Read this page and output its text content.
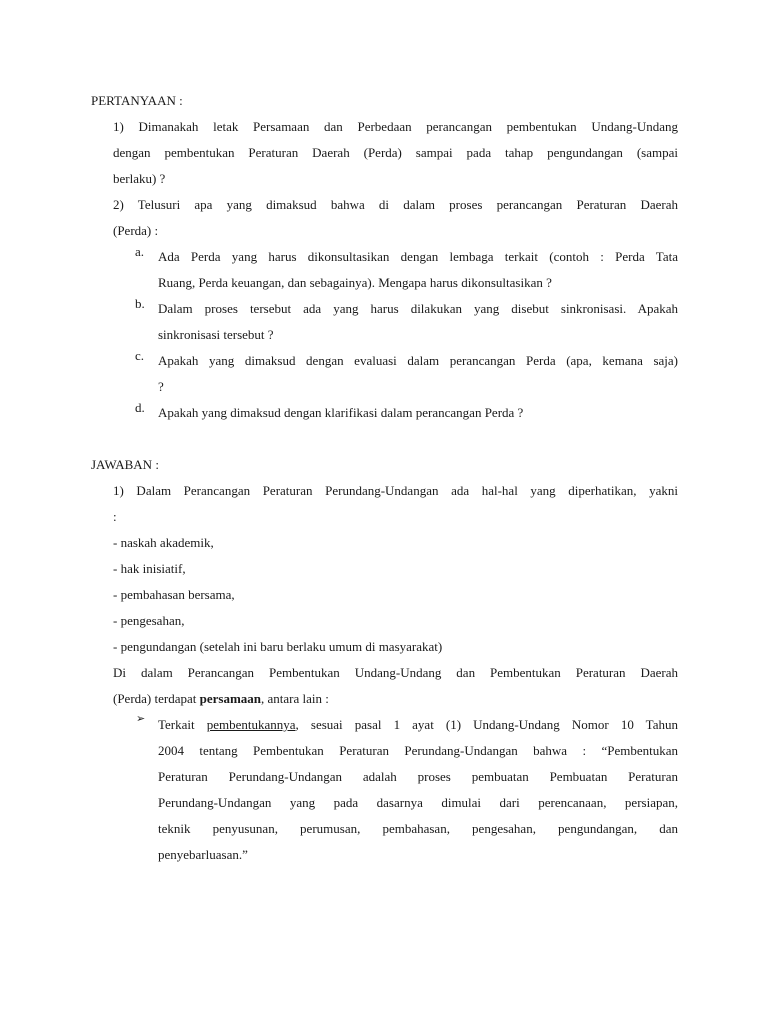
PERTANYAAN :
1) Dimanakah letak Persamaan dan Perbedaan perancangan pembentukan Undang-Undang
dengan pembentukan Peraturan Daerah (Perda) sampai pada tahap pengundangan (sampai
berlaku) ?
2) Telusuri apa yang dimaksud bahwa di dalam proses perancangan Peraturan Daerah
(Perda) :
a.	Ada Perda yang harus dikonsultasikan dengan lembaga terkait (contoh : Perda Tata
Ruang, Perda keuangan, dan sebagainya). Mengapa harus dikonsultasikan ?
b.	Dalam proses tersebut ada yang harus dilakukan yang disebut sinkronisasi. Apakah
sinkronisasi tersebut ?
c.	Apakah yang dimaksud dengan evaluasi dalam perancangan Perda (apa, kemana saja)
?
d.	Apakah yang dimaksud dengan klarifikasi dalam perancangan Perda ?
JAWABAN :
1) Dalam Perancangan Peraturan Perundang-Undangan ada hal-hal yang diperhatikan, yakni
:
- naskah akademik,
- hak inisiatif,
- pembahasan bersama,
- pengesahan,
- pengundangan (setelah ini baru berlaku umum di masyarakat)
Di dalam Perancangan Pembentukan Undang-Undang dan Pembentukan Peraturan Daerah
(Perda) terdapat persamaan, antara lain :
➢ Terkait pembentukannya, sesuai pasal 1 ayat (1) Undang-Undang Nomor 10 Tahun
2004 tentang Pembentukan Peraturan Perundang-Undangan bahwa : “Pembentukan
Peraturan Perundang-Undangan adalah proses pembuatan Pembuatan Peraturan
Perundang-Undangan yang pada dasarnya dimulai dari perencanaan, persiapan,
teknik penyusunan, perumusan, pembahasan, pengesahan, pengundangan, dan
penyebarluasan.”
